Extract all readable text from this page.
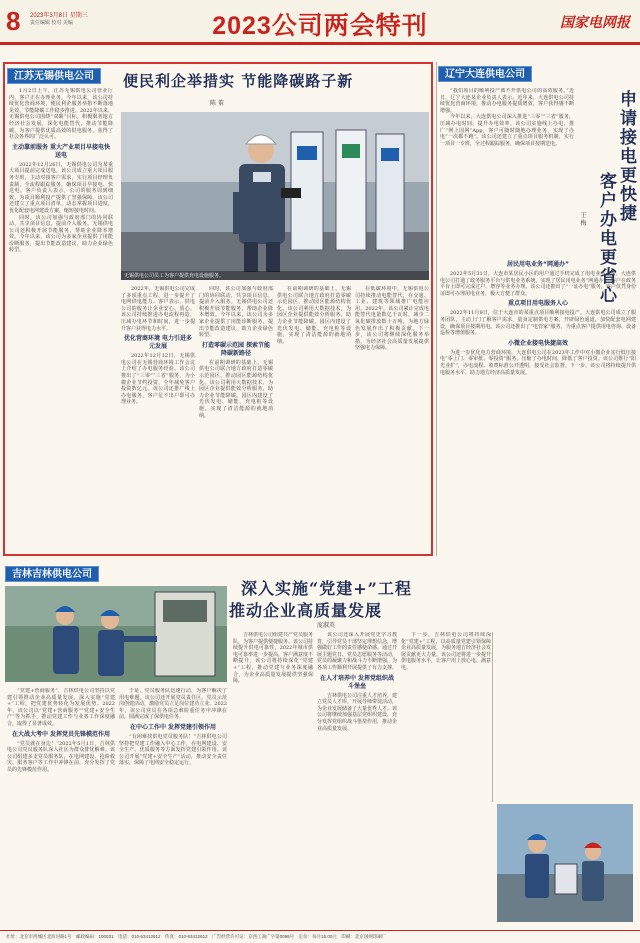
8 2023年3月8日 星期三
责任编辑 校对 美编	2023公司两会特刊	国家电网报
江苏无锡供电公司	便民利企举措实 节能降碳路子新
陈 董
无锡供电公司员工为客户提供充电设施服务。
1月2日上午，江苏无锡供电公司营业厅内，客户正在办理业务。今年以来，该公司持续优化营商环境，便民利企服务举措不断落地见效，节能降碳工作稳步推进。2022年以来，无锡供电公司围绕“双碳”目标，积极服务地方经济社会发展，深化电能替代，推动节能降碳，为客户提供优质高效的供电服务，获得了社会各界的广泛认可。
主动靠前服务 重大产业项目早接电快送电
2022年12月26日，无锡供电公司为某重大项目提前完成送电。该公司成立重大项目服务专班，主动对接客户需求，实行项目经理负责制，全流程跟踪服务，确保项目早接电、快送电。客户负责人表示，公司的服务周到细致，为项目顺利投产提供了坚强保障。该公司还建立了重点项目清单，动态掌握项目进度，优化配套电网建设方案，缩短接电时间。
同时，该公司加强与政府部门的协同联动，共享项目信息，提前介入服务。无锡供电公司还积极开展节能服务，帮助企业降本增效。今年以来，该公司为多家企业提供了用能诊断服务，提出节能改造建议，助力企业绿色转型。
2022年，无锡供电公司完成了多项重点工程，进一步提升了电网供电能力。客户表示，供电公司的服务让企业安心、放心。该公司持续推进办电流程再造，压减办电环节和时间，进一步提升客户获得电力水平。
优化营商环境 电力引进多元发展
2022年12月12日，无锡供电公司在无锡营商环境工作会议上介绍了办电服务经验。该公司推出了“三零”“三省”服务，为小微企业节约投资，全年减免客户投资数亿元。该公司还推广线上办电服务，客户足不出户即可办理业务。
同时，该公司加强与政府部门的协同联动，共享项目信息，提前介入服务。无锡供电公司还积极开展节能服务，帮助企业降本增效。今年以来，该公司为多家企业提供了用能诊断服务，提出节能改造建议，助力企业绿色转型。
打造零碳示范园 探索节能降碳新路径
在前期调研的基础上，无锡供电公司联合地方政府打造零碳示范园区，推动园区能源结构优化。该公司利用大数据技术，为园区企业提供能效分析服务，助力企业节能降碳。园区内建设了光伏发电、储能、充电桩等设施，实现了清洁能源的就地消纳。
在前期调研的基础上，无锡供电公司联合地方政府打造零碳示范园区，推动园区能源结构优化。该公司利用大数据技术，为园区企业提供能效分析服务，助力企业节能降碳。园区内建设了光伏发电、储能、充电桩等设施，实现了清洁能源的就地消纳。
在低碳环境中，无锡供电公司持续推动电能替代，在交通、工业、建筑等领域推广电能应用。2022年，该公司累计完成电能替代电量数亿千瓦时，减少二氧化碳排放数十万吨，为地方绿色发展作出了积极贡献。下一步，该公司将继续深化服务举措，为经济社会高质量发展提供坚强电力保障。
辽宁大连供电公司
申请接电更快捷
客户办电更省心
王 梅
“我们项目的顺利投产离不开供电公司的高效服务。”近日，辽宁大连某企业负责人表示。近年来，大连供电公司持续优化营商环境，推动办电服务提质增效，客户获得感不断增强。
今年以来，大连供电公司深入推进“三零”“三省”服务，压减办电时间，提升办电效率。该公司实施线上办电，推广“网上国网”App，客户可随时随地办理业务，实现了办电“一次都不跑”。该公司还建立了重点项目服务机制，实行一项目一专班，全过程跟踪服务，确保项目按期送电。
居民用电业务“网通办”
2022年5月31日，大连市某居民小区的用户通过手机完成了用电业务办理。大连供电公司打通了政务服务平台与供电业务系统，实现了居民用电业务“网通办”，客户在政务平台上即可完成过户、增容等业务办理。该公司还推出了“一证办电”服务，客户仅凭身份证即可办理用电业务，极大方便了群众。
重点项目用电服务人心
2022年11月9日，位于大连市的某重点项目顺利接电投产。大连供电公司成立了服务团队，主动上门了解客户需求，量身定制供电方案，开辟绿色通道，加快配套电网建设，确保项目按期用电。该公司还推出了“电管家”服务，为重点客户提供用电咨询、设备巡检等增值服务。
小微企业接电快捷高效
为进一步优化电力营商环境，大连供电公司在2023年工作中对小微企业实行低压接电“零上门、零审批、零投资”服务，压缩了办电时间，降低了客户投资。该公司推行“阳光业扩”，办电流程、收费标准公开透明，接受社会监督。下一步，该公司将持续提升供电服务水平，助力地方经济高质量发展。
吉林吉林供电公司
深入实施“党建+”工程
推动企业高质量发展
庞淑英
“党建+营商服务”，吉林供电公司坚持以党建引领推动企业高质量发展，深入实施“党建+”工程，把党建优势转化为发展优势。2022年，该公司以“党建+营商服务”“党建+安全生产”等为抓手，推动党建工作与业务工作深度融合，取得了显著成效。
在大战大考中 发挥党员先锋模范作用
“党员就在身边！”2022年5月1日，吉林供电公司党员服务队深入社区为群众排忧解难。该公司组建多支党员服务队，在电网建设、抢险救灾、服务客户等工作中冲锋在前，充分发挥了党员的先锋模范作用。
于是，党员服务队迅速行动，为客户解决了用电难题。该公司还开展党员责任区、党员示范岗创建活动，激励党员立足岗位建功立业。2022年，该公司党员在各项急难险重任务中冲锋在前，圆满完成了保供电任务。
在中心工作中 发挥党建引领作用
“有困难找供电党员服务队！”吉林供电公司坚持把党建工作融入中心工作，在电网建设、安全生产、优质服务等方面发挥党建引领作用。该公司开展“党建+安全生产”活动，推动安全责任落实，保障了电网安全稳定运行。
吉林供电公司组建共产党员服务队，为客户提供便捷服务。该公司持续提升供电可靠性，2022年城市供电可靠率进一步提高，客户满意度不断提升。该公司将持续深化“党建+”工程，推动党建与业务深度融合，为企业高质量发展提供坚强保障。
该公司还深入开展党史学习教育，引导党员干部坚定理想信念，增强做好工作的责任感使命感。通过开展主题党日、党员志愿服务等活动，党员的凝聚力和战斗力不断增强，为各项工作顺利开展提供了有力支撑。
在人才培养中 发挥党组织战斗堡垒
吉林供电公司注重人才培养，建立党员人才库，开展导师带徒活动，为企业发展储备了大量优秀人才。该公司将继续加强基层党组织建设，充分发挥党组织战斗堡垒作用，推动企业高质量发展。
下一步，吉林供电公司将持续深化“党建+”工程，以高质量党建引领保障企业高质量发展，为服务地方经济社会发展贡献更大力量。该公司还将进一步提升供电服务水平，让客户用上放心电、满意电。
社址：北京市西城区北滨河路1号　邮政编码：100031　电话：010-63412612　传真：010-63412612　广告经营许可证：京西工商广字第0098号　定价：每月15.00元　印刷：北京国网印刷厂
